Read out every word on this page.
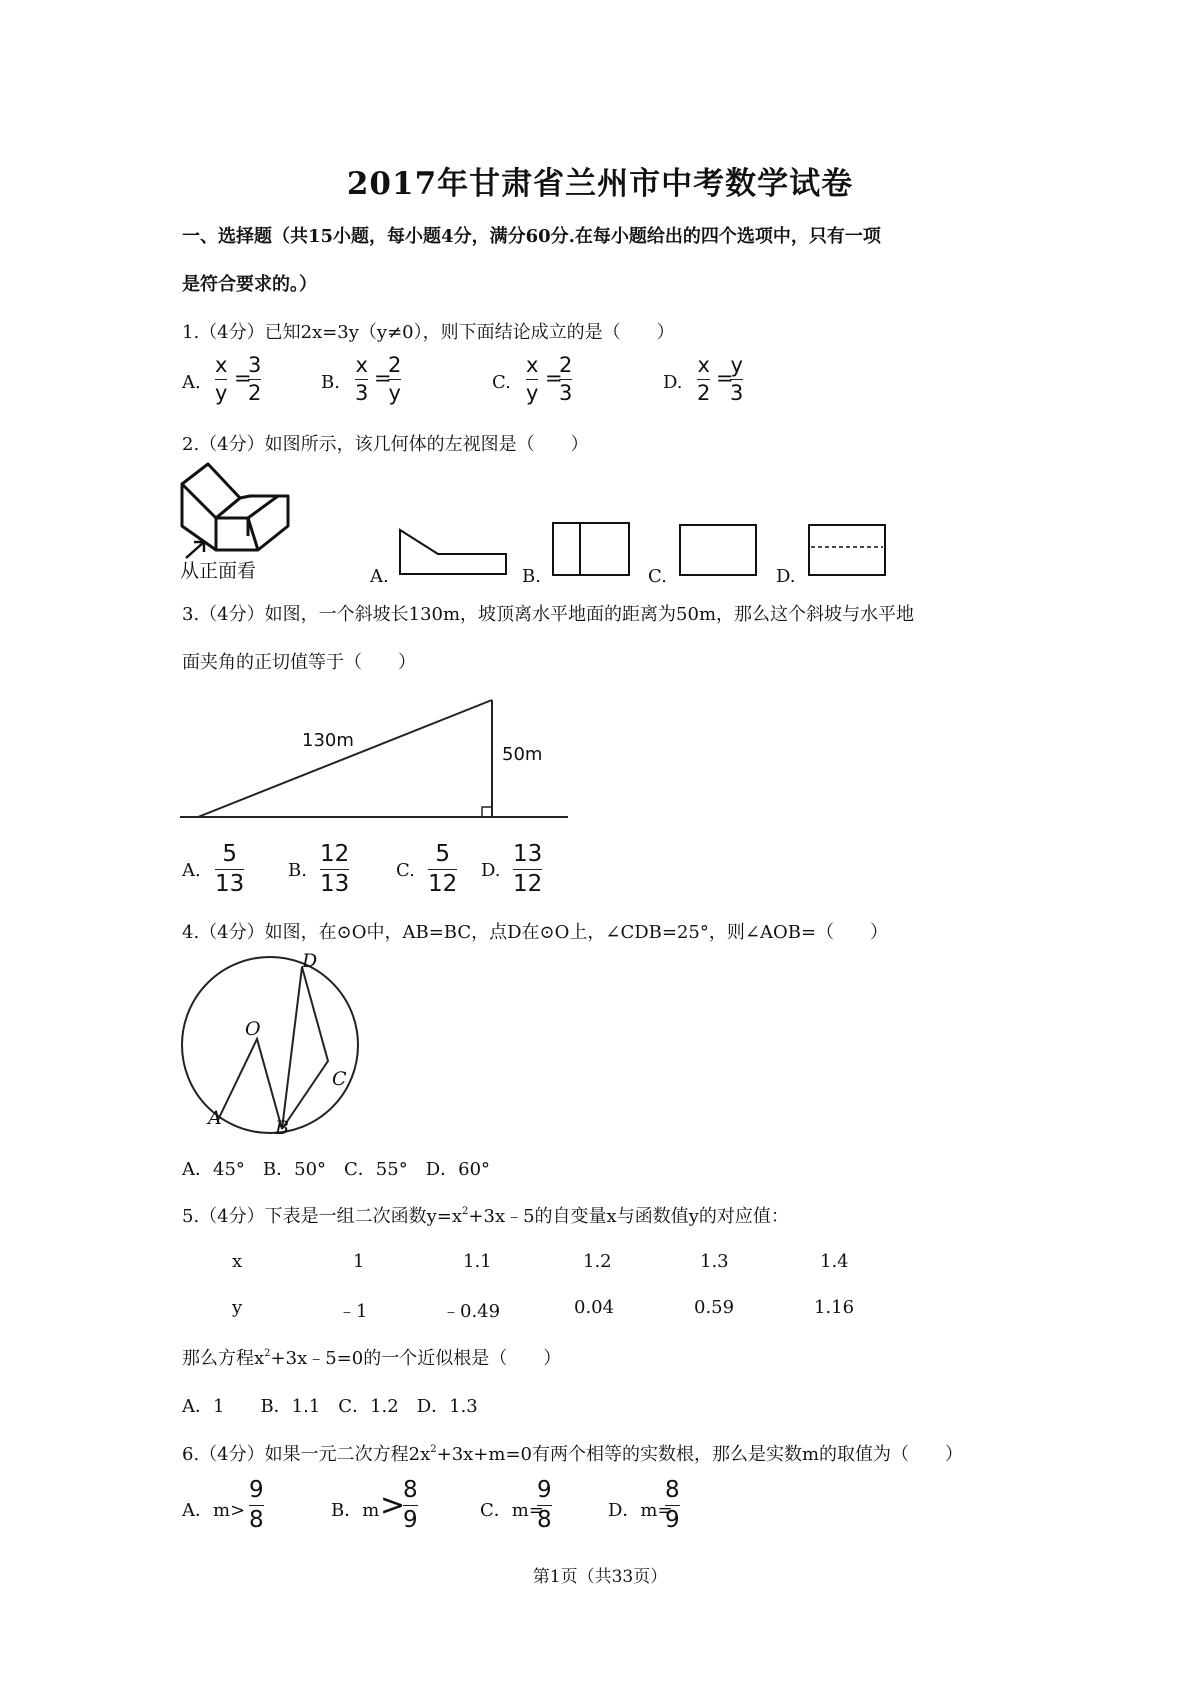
2017年甘肃省兰州市中考数学试卷
一、选择题（共15小题，每小题4分，满分60分.在每小题给出的四个选项中，只有一项
是符合要求的。）
1.（4分）已知2x=3y（y≠0），则下面结论成立的是（　　）
A.
x
y
=
3
2	B.
x
3
=
2
y	C.
x
y
=
2
3	D.
x
2
=
y
3
2.（4分）如图所示，该几何体的左视图是（　　）
从正面看	A.	B.	C.	D.
3.（4分）如图，一个斜坡长130m，坡顶离水平地面的距离为50m，那么这个斜坡与水平地
面夹角的正切值等于（　　）
130m
50m
A.
5
13
B.
12
13
C.
5
12
D.
13
12
4.（4分）如图，在⊙O中，AB=BC，点D在⊙O上，∠CDB=25°，则∠AOB=（　　）
O
A	B
C
D
A．45°　B．50°　C．55°　D．60°
5.（4分）下表是一组二次函数$y=x^2+3x﹣5$的自变量x与函数值y的对应值：
x	1	1.1	1.2	1.3	1.4
y	﹣1	﹣0.49	0.04	0.59	1.16
那么方程$x^2+3x﹣5=0$的一个近似根是（　　）
A．1　　B．1.1　C．1.2　D．1.3
6.（4分）如果一元二次方程$2x^2+3x+m=0$有两个相等的实数根，那么是实数m的取值为（　　）
A．m>
9
8	B．m >
8
9	C．m=
9
8	D．m=
8
9
第1页（共33页）
